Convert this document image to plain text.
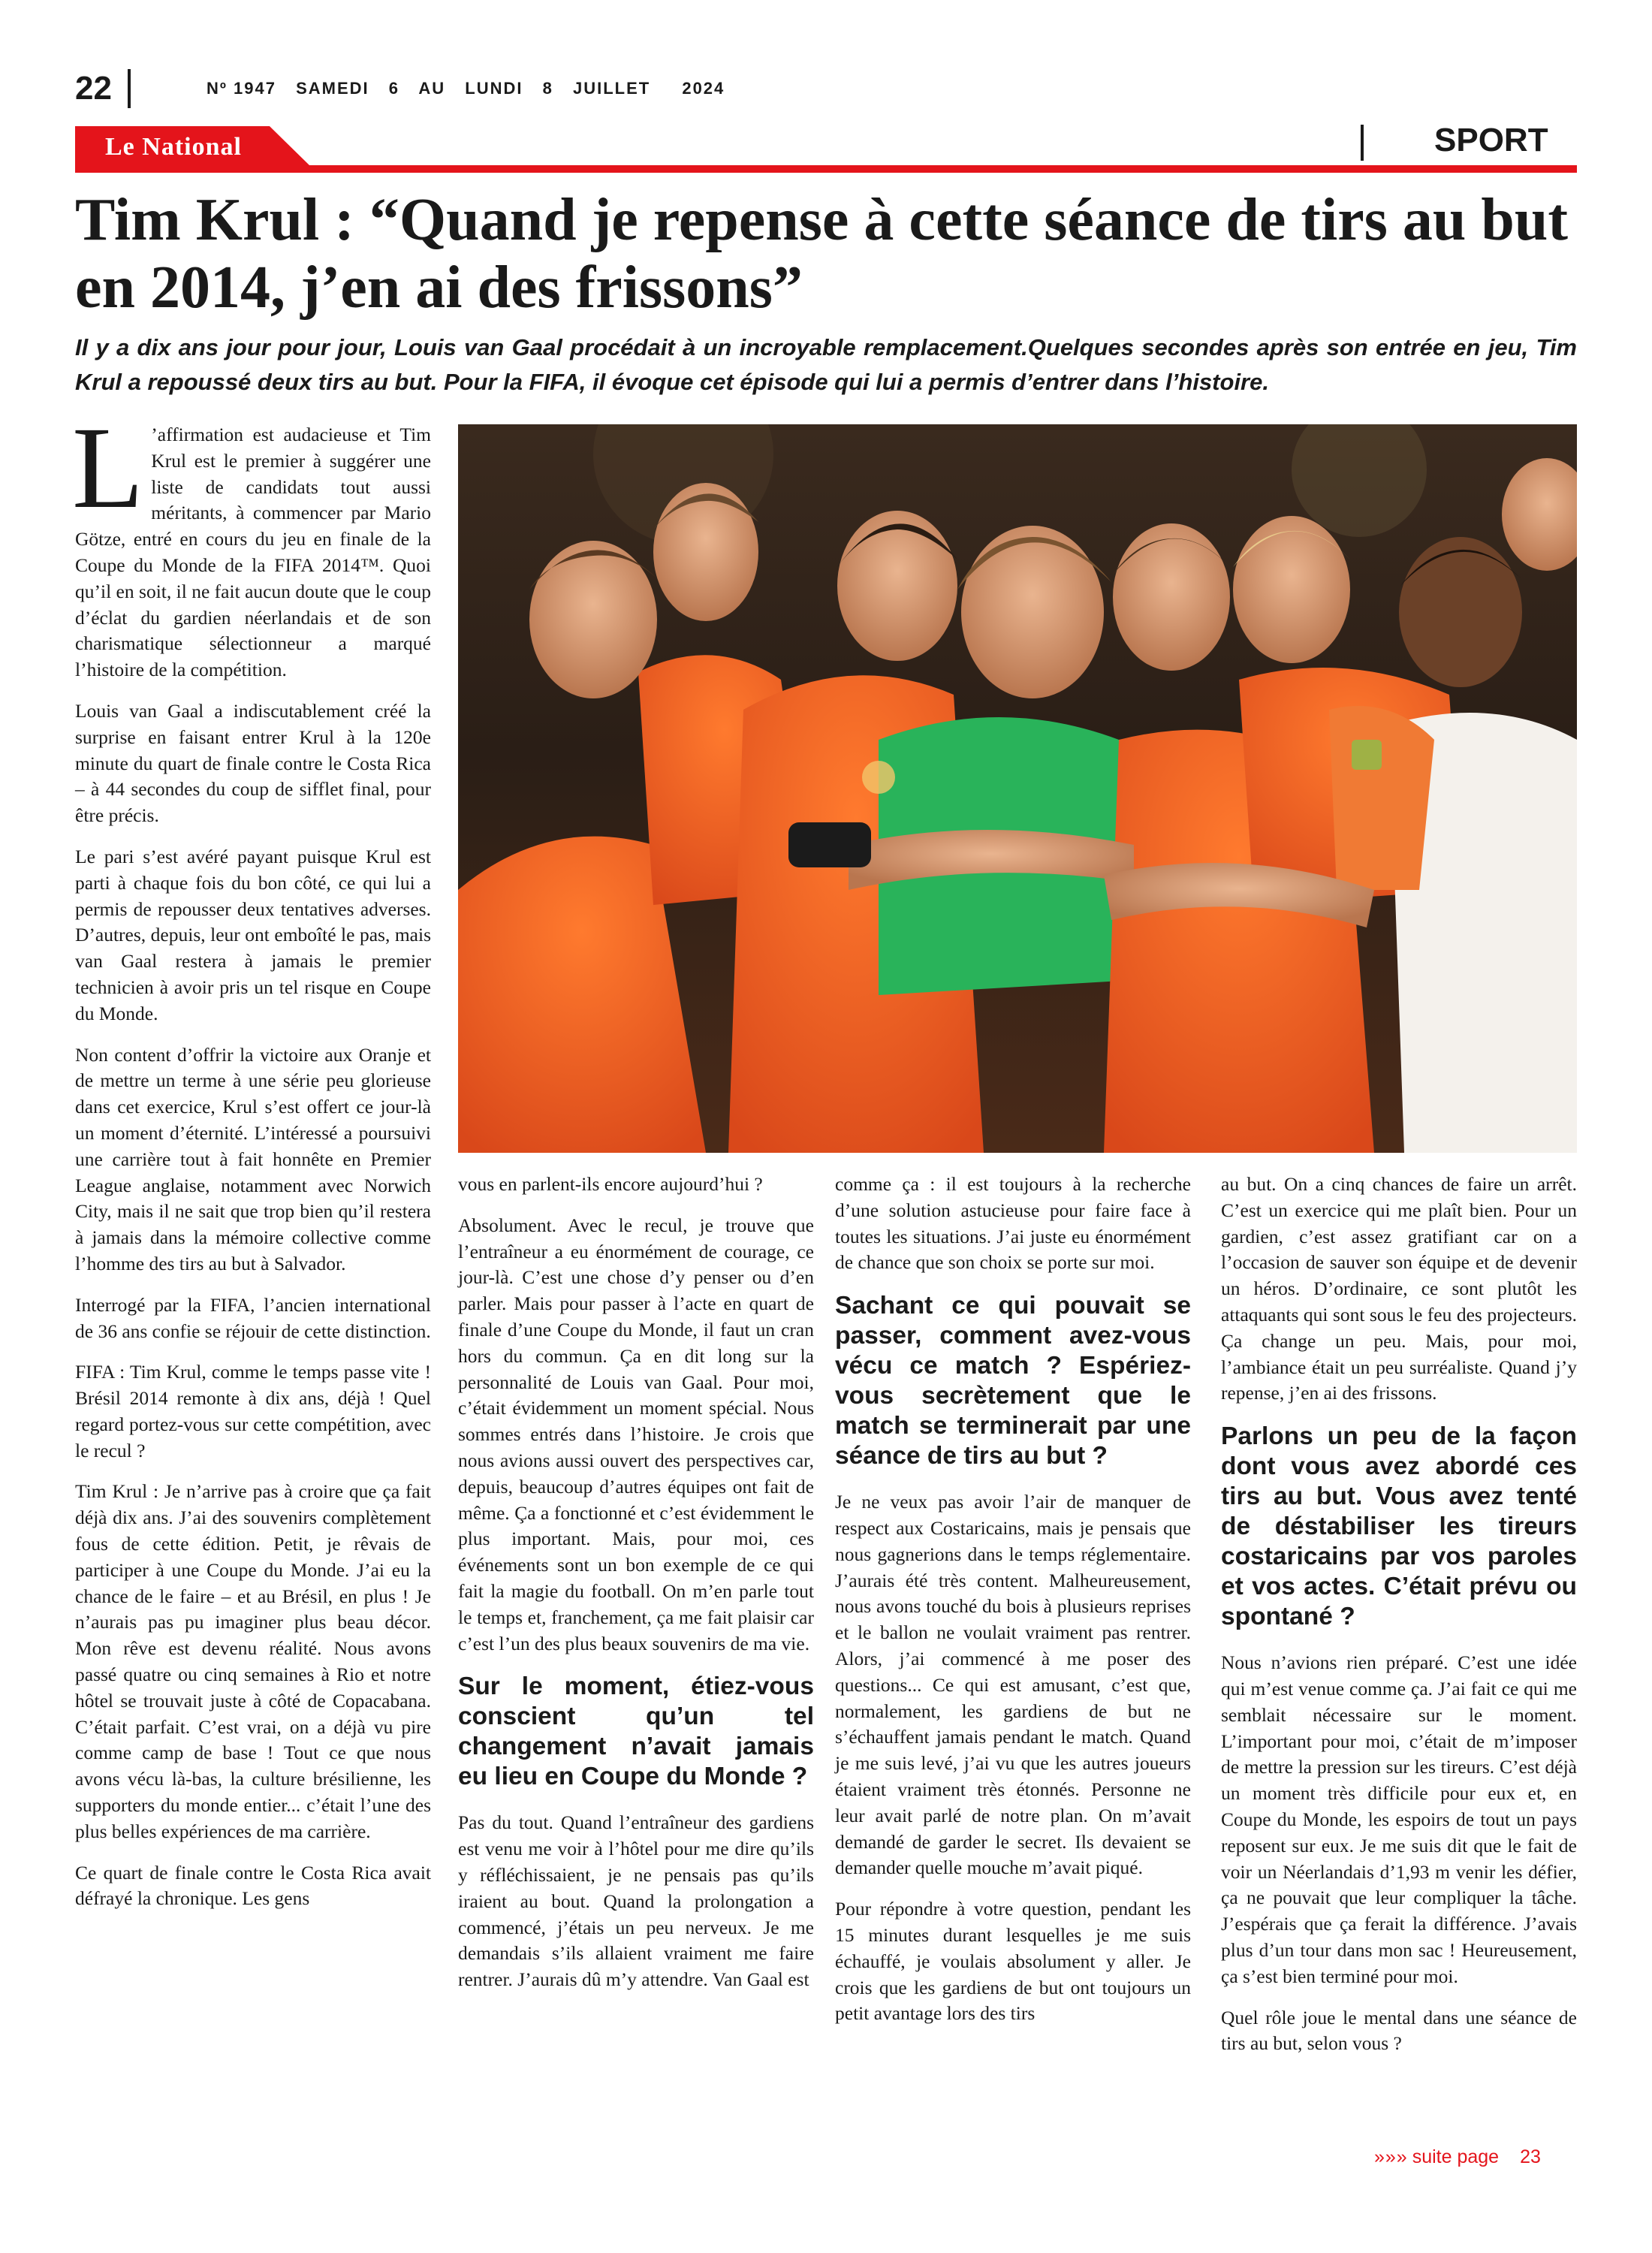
22	Nº 1947 SAMEDI 6 AU LUNDI 8 JUILLET 2024
Le National	SPORT
Tim Krul : “Quand je repense à cette séance de tirs au but en 2014, j’en ai des frissons”

Il y a dix ans jour pour jour, Louis van Gaal procédait à un incroyable remplacement.Quelques secondes après son entrée en jeu, Tim Krul a repoussé deux tirs au but. Pour la FIFA, il évoque cet épisode qui lui a permis d’entrer dans l’histoire.

L ’affirmation est audacieuse et Tim Krul est le premier à suggérer une liste de candidats tout aussi méritants, à commencer par Mario Götze, entré en cours du jeu en finale de la Coupe du Monde de la FIFA 2014™. Quoi qu’il en soit, il ne fait aucun doute que le coup d’éclat du gardien néerlandais et de son charismatique sélectionneur a marqué l’histoire de la compétition.

Louis van Gaal a indiscutablement créé la surprise en faisant entrer Krul à la 120e minute du quart de finale contre le Costa Rica – à 44 secondes du coup de sifflet final, pour être précis.

Le pari s’est avéré payant puisque Krul est parti à chaque fois du bon côté, ce qui lui a permis de repousser deux tentatives adverses. D’autres, depuis, leur ont emboîté le pas, mais van Gaal restera à jamais le premier technicien à avoir pris un tel risque en Coupe du Monde.

Non content d’offrir la victoire aux Oranje et de mettre un terme à une série peu glorieuse dans cet exercice, Krul s’est offert ce jour-là un moment d’éternité. L’intéressé a poursuivi une carrière tout à fait honnête en Premier League anglaise, notamment avec Norwich City, mais il ne sait que trop bien qu’il restera à jamais dans la mémoire collective comme l’homme des tirs au but à Salvador.

Interrogé par la FIFA, l’ancien international de 36 ans confie se réjouir de cette distinction.

FIFA : Tim Krul, comme le temps passe vite ! Brésil 2014 remonte à dix ans, déjà ! Quel regard portez-vous sur cette compétition, avec le recul ?

Tim Krul : Je n’arrive pas à croire que ça fait déjà dix ans. J’ai des souvenirs complètement fous de cette édition. Petit, je rêvais de participer à une Coupe du Monde. J’ai eu la chance de le faire – et au Brésil, en plus ! Je n’aurais pas pu imaginer plus beau décor. Mon rêve est devenu réalité. Nous avons passé quatre ou cinq semaines à Rio et notre hôtel se trouvait juste à côté de Copacabana. C’était parfait. C’est vrai, on a déjà vu pire comme camp de base ! Tout ce que nous avons vécu là-bas, la culture brésilienne, les supporters du monde entier... c’était l’une des plus belles expériences de ma carrière.

Ce quart de finale contre le Costa Rica avait défrayé la chronique. Les gens

vous en parlent-ils encore aujourd’hui ?

Absolument. Avec le recul, je trouve que l’entraîneur a eu énormément de courage, ce jour-là. C’est une chose d’y penser ou d’en parler. Mais pour passer à l’acte en quart de finale d’une Coupe du Monde, il faut un cran hors du commun. Ça en dit long sur la personnalité de Louis van Gaal. Pour moi, c’était évidemment un moment spécial. Nous sommes entrés dans l’histoire. Je crois que nous avions aussi ouvert des perspectives car, depuis, beaucoup d’autres équipes ont fait de même. Ça a fonctionné et c’est évidemment le plus important. Mais, pour moi, ces événements sont un bon exemple de ce qui fait la magie du football. On m’en parle tout le temps et, franchement, ça me fait plaisir car c’est l’un des plus beaux souvenirs de ma vie.

Sur le moment, étiez-vous conscient qu’un tel changement n’avait jamais eu lieu en Coupe du Monde ?

Pas du tout. Quand l’entraîneur des gardiens est venu me voir à l’hôtel pour me dire qu’ils y réfléchissaient, je ne pensais pas qu’ils iraient au bout. Quand la prolongation a commencé, j’étais un peu nerveux. Je me demandais s’ils allaient vraiment me faire rentrer. J’aurais dû m’y attendre. Van Gaal est

comme ça : il est toujours à la recherche d’une solution astucieuse pour faire face à toutes les situations. J’ai juste eu énormément de chance que son choix se porte sur moi.

Sachant ce qui pouvait se passer, comment avez-vous vécu ce match ? Espériez-vous secrètement que le match se terminerait par une séance de tirs au but ?

Je ne veux pas avoir l’air de manquer de respect aux Costaricains, mais je pensais que nous gagnerions dans le temps réglementaire. J’aurais été très content. Malheureusement, nous avons touché du bois à plusieurs reprises et le ballon ne voulait vraiment pas rentrer. Alors, j’ai commencé à me poser des questions... Ce qui est amusant, c’est que, normalement, les gardiens de but ne s’échauffent jamais pendant le match. Quand je me suis levé, j’ai vu que les autres joueurs étaient vraiment très étonnés. Personne ne leur avait parlé de notre plan. On m’avait demandé de garder le secret. Ils devaient se demander quelle mouche m’avait piqué.

Pour répondre à votre question, pendant les 15 minutes durant lesquelles je me suis échauffé, je voulais absolument y aller. Je crois que les gardiens de but ont toujours un petit avantage lors des tirs

au but. On a cinq chances de faire un arrêt. C’est un exercice qui me plaît bien. Pour un gardien, c’est assez gratifiant car on a l’occasion de sauver son équipe et de devenir un héros. D’ordinaire, ce sont plutôt les attaquants qui sont sous le feu des projecteurs. Ça change un peu. Mais, pour moi, l’ambiance était un peu surréaliste. Quand j’y repense, j’en ai des frissons.

Parlons un peu de la façon dont vous avez abordé ces tirs au but. Vous avez tenté de déstabiliser les tireurs costaricains par vos paroles et vos actes. C’était prévu ou spontané ?

Nous n’avions rien préparé. C’est une idée qui m’est venue comme ça. J’ai fait ce qui me semblait nécessaire sur le moment. L’important pour moi, c’était de m’imposer de mettre la pression sur les tireurs. C’est déjà un moment très difficile pour eux et, en Coupe du Monde, les espoirs de tout un pays reposent sur eux. Je me suis dit que le fait de voir un Néerlandais d’1,93 m venir les défier, ça ne pouvait que leur compliquer la tâche. J’espérais que ça ferait la différence. J’avais plus d’un tour dans mon sac ! Heureusement, ça s’est bien terminé pour moi.

Quel rôle joue le mental dans une séance de tirs au but, selon vous ?

»»» suite page 23
